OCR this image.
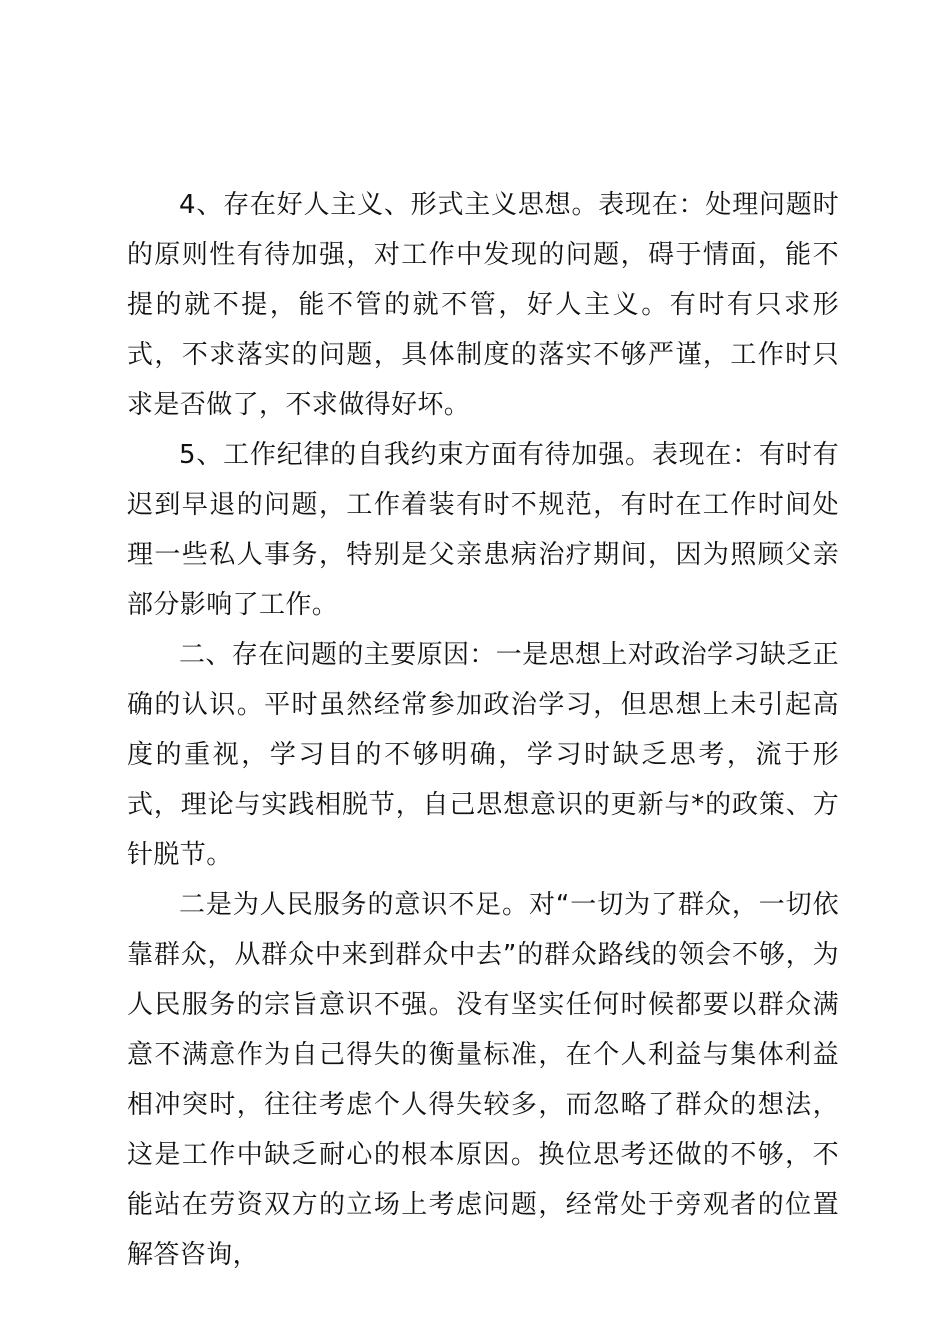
4、存在好人主义、形式主义思想。表现在：处理问题时的原则性有待加强，对工作中发现的问题，碍于情面，能不提的就不提，能不管的就不管，好人主义。有时有只求形式，不求落实的问题，具体制度的落实不够严谨，工作时只求是否做了，不求做得好坏。

5、工作纪律的自我约束方面有待加强。表现在：有时有迟到早退的问题，工作着装有时不规范，有时在工作时间处理一些私人事务，特别是父亲患病治疗期间，因为照顾父亲部分影响了工作。

二、存在问题的主要原因：一是思想上对政治学习缺乏正确的认识。平时虽然经常参加政治学习，但思想上未引起高度的重视，学习目的不够明确，学习时缺乏思考，流于形式，理论与实践相脱节，自己思想意识的更新与*的政策、方针脱节。

二是为人民服务的意识不足。对“一切为了群众，一切依靠群众，从群众中来到群众中去”的群众路线的领会不够，为人民服务的宗旨意识不强。没有坚实任何时候都要以群众满意不满意作为自己得失的衡量标准，在个人利益与集体利益相冲突时，往往考虑个人得失较多，而忽略了群众的想法，这是工作中缺乏耐心的根本原因。换位思考还做的不够，不能站在劳资双方的立场上考虑问题，经常处于旁观者的位置解答咨询，
